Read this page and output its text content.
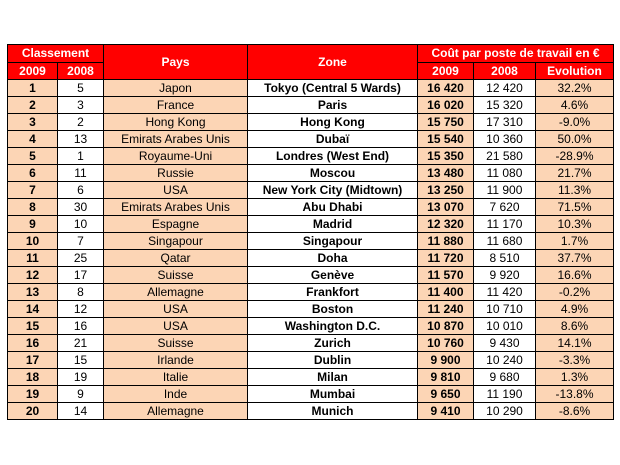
Classement		Pays	Zone	Coût par poste de travail en €		
2009	2008			2009	2008	Evolution
1	5	Japon	Tokyo (Central 5 Wards)	16 420	12 420	32.2%
2	3	France	Paris	16 020	15 320	4.6%
3	2	Hong Kong	Hong Kong	15 750	17 310	-9.0%
4	13	Emirats Arabes Unis	Dubaï	15 540	10 360	50.0%
5	1	Royaume-Uni	Londres (West End)	15 350	21 580	-28.9%
6	11	Russie	Moscou	13 480	11 080	21.7%
7	6	USA	New York City (Midtown)	13 250	11 900	11.3%
8	30	Emirats Arabes Unis	Abu Dhabi	13 070	7 620	71.5%
9	10	Espagne	Madrid	12 320	11 170	10.3%
10	7	Singapour	Singapour	11 880	11 680	1.7%
11	25	Qatar	Doha	11 720	8 510	37.7%
12	17	Suisse	Genève	11 570	9 920	16.6%
13	8	Allemagne	Frankfort	11 400	11 420	-0.2%
14	12	USA	Boston	11 240	10 710	4.9%
15	16	USA	Washington D.C.	10 870	10 010	8.6%
16	21	Suisse	Zurich	10 760	9 430	14.1%
17	15	Irlande	Dublin	9 900	10 240	-3.3%
18	19	Italie	Milan	9 810	9 680	1.3%
19	9	Inde	Mumbai	9 650	11 190	-13.8%
20	14	Allemagne	Munich	9 410	10 290	-8.6%
